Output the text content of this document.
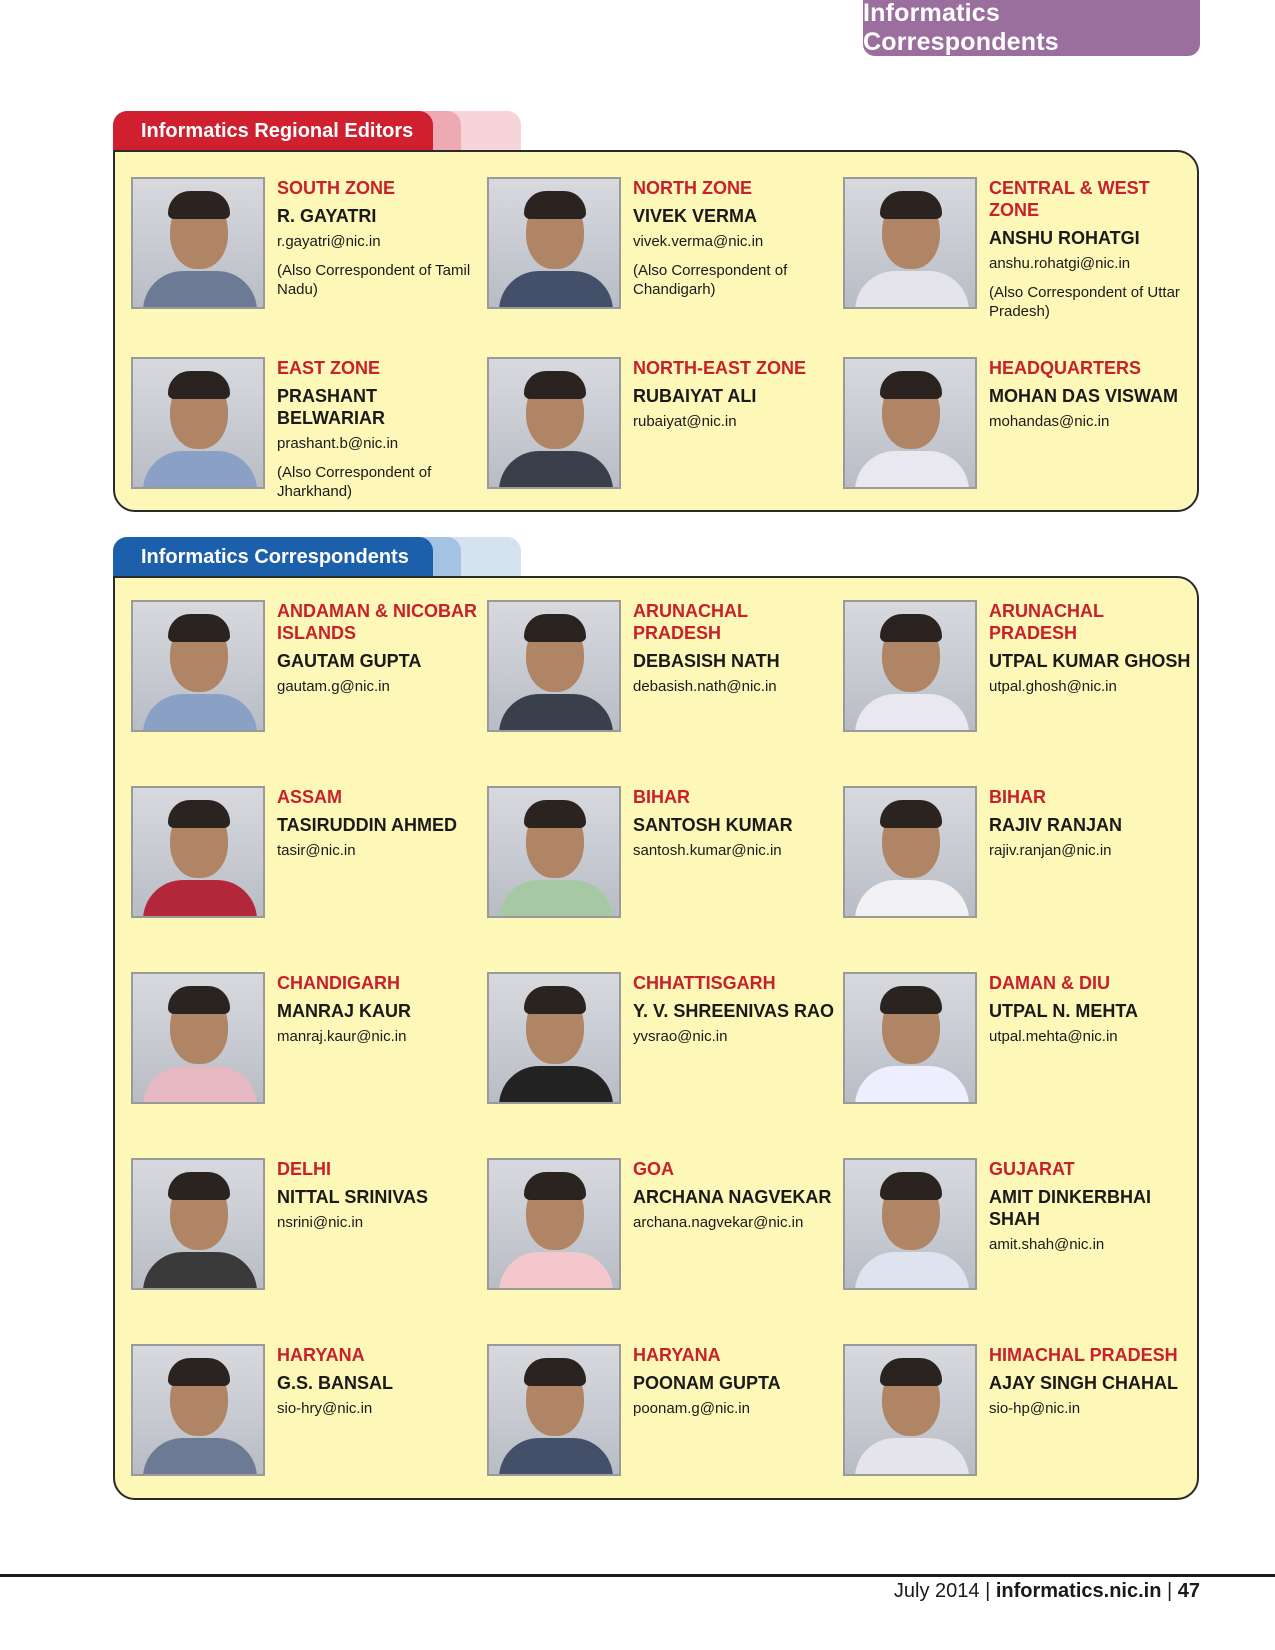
Informatics Correspondents
Informatics Regional Editors
SOUTH ZONE
R. GAYATRI
r.gayatri@nic.in
(Also Correspondent of Tamil Nadu)
NORTH ZONE
VIVEK VERMA
vivek.verma@nic.in
(Also Correspondent of Chandigarh)
CENTRAL & WEST ZONE
ANSHU ROHATGI
anshu.rohatgi@nic.in
(Also Correspondent of Uttar Pradesh)
EAST ZONE
PRASHANT BELWARIAR
prashant.b@nic.in
(Also Correspondent of Jharkhand)
NORTH-EAST ZONE
RUBAIYAT ALI
rubaiyat@nic.in
HEADQUARTERS
MOHAN DAS VISWAM
mohandas@nic.in
Informatics Correspondents
ANDAMAN & NICOBAR ISLANDS
GAUTAM GUPTA
gautam.g@nic.in
ARUNACHAL PRADESH
DEBASISH NATH
debasish.nath@nic.in
ARUNACHAL PRADESH
UTPAL KUMAR GHOSH
utpal.ghosh@nic.in
ASSAM
TASIRUDDIN AHMED
tasir@nic.in
BIHAR
SANTOSH KUMAR
santosh.kumar@nic.in
BIHAR
RAJIV RANJAN
rajiv.ranjan@nic.in
CHANDIGARH
MANRAJ KAUR
manraj.kaur@nic.in
CHHATTISGARH
Y. V. SHREENIVAS RAO
yvsrao@nic.in
DAMAN & DIU
UTPAL N. MEHTA
utpal.mehta@nic.in
DELHI
NITTAL SRINIVAS
nsrini@nic.in
GOA
ARCHANA NAGVEKAR
archana.nagvekar@nic.in
GUJARAT
AMIT DINKERBHAI SHAH
amit.shah@nic.in
HARYANA
G.S. BANSAL
sio-hry@nic.in
HARYANA
POONAM GUPTA
poonam.g@nic.in
HIMACHAL PRADESH
AJAY SINGH CHAHAL
sio-hp@nic.in
July 2014 | informatics.nic.in | 47
